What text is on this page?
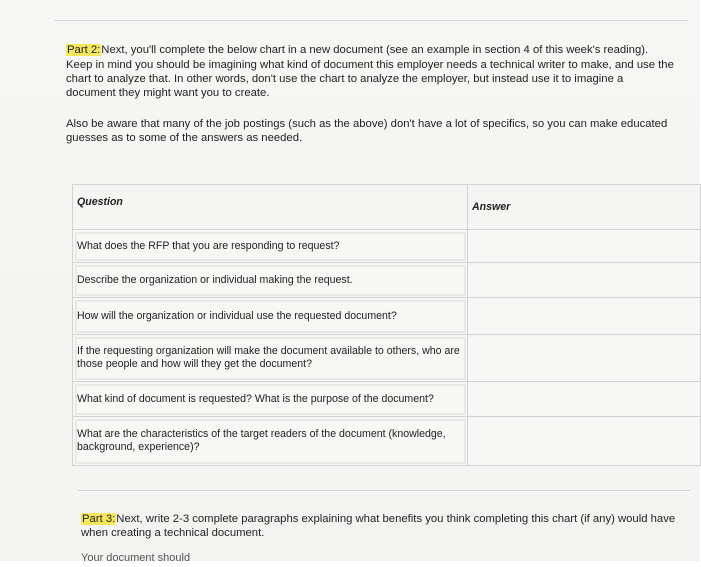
Part 2:Next, you'll complete the below chart in a new document (see an example in section 4 of this week's reading).
Keep in mind you should be imagining what kind of document this employer needs a technical writer to make, and use the chart to analyze that. In other words, don't use the chart to analyze the employer, but instead use it to imagine a document they might want you to create.
Also be aware that many of the job postings (such as the above) don't have a lot of specifics, so you can make educated guesses as to some of the answers as needed.
Question	Answer
What does the RFP that you are responding to request?	
Describe the organization or individual making the request.	
How will the organization or individual use the requested document?	
If the requesting organization will make the document available to others, who are those people and how will they get the document?	
What kind of document is requested? What is the purpose of the document?	
What are the characteristics of the target readers of the document (knowledge, background, experience)?	
Part 3:Next, write 2-3 complete paragraphs explaining what benefits you think completing this chart (if any) would have when creating a technical document.
Your document should
